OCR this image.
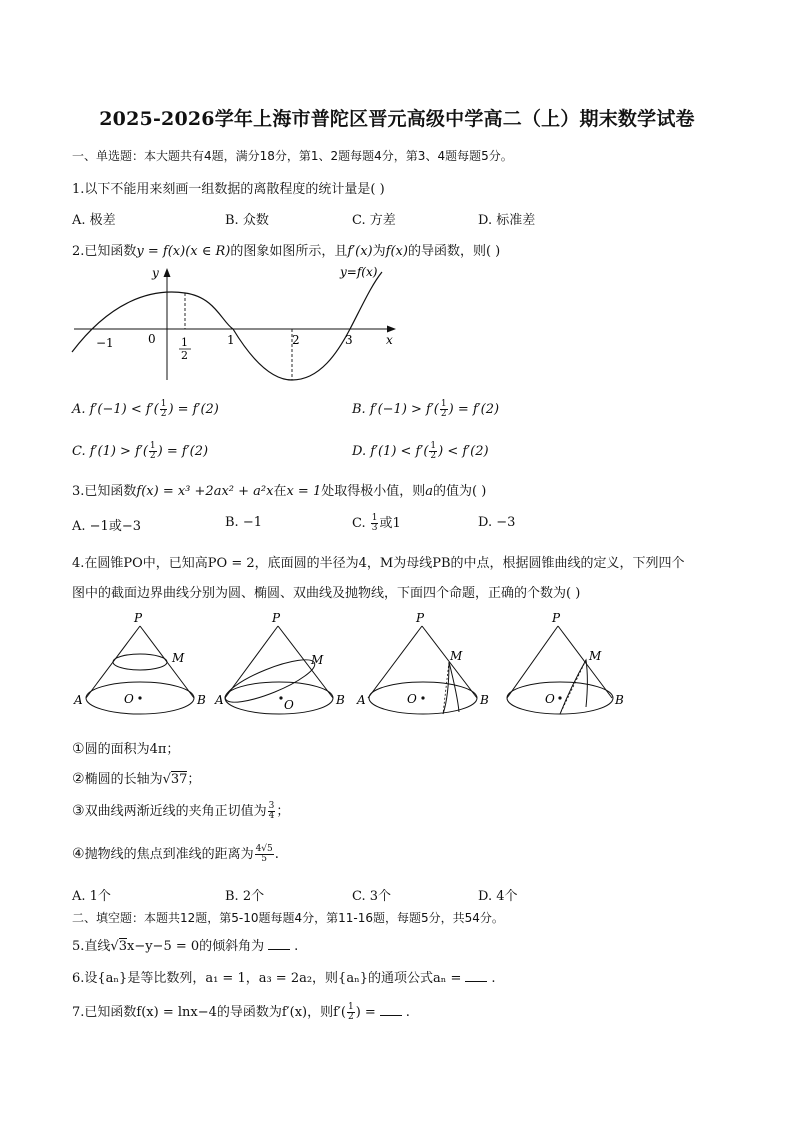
2025-2026学年上海市普陀区晋元高级中学高二（上）期末数学试卷
一、单选题：本大题共有4题，满分18分，第1、2题每题4分，第3、4题每题5分。
1.以下不能用来刻画一组数据的离散程度的统计量是( )
A. 极差	B. 众数	C. 方差	D. 标准差
2.已知函数y = f(x)(x ∈ R)的图象如图所示，且f′(x)为f(x)的导函数，则( )
y
x
0
−1	1
2
1	2	3
y=f(x)
A. $f'(-1) < f'( \frac{1}{2}$ ) = f′(2)	B. $f'(-1) > f'( \frac{1}{2}$ ) = f′(2)
C. $f'(1) > f'( \frac{1}{2}$ ) = f′(2)	D. $f'(1) < f'( \frac{1}{2}$ ) < f′(2)
3.已知函数f(x) = x³ +2ax² + a²x在x = 1处取得极小值，则a的值为( )
A. −1或−3	B. −1	C. $\frac{1}{3}$ 或1	D. −3
4.在圆锥PO中，已知高PO = 2，底面圆的半径为4，M为母线PB的中点，根据圆锥曲线的定义，下列四个
图中的截面边界曲线分别为圆、椭圆、双曲线及抛物线，下面四个命题，正确的个数为( )
P
M
A	B
O
P
M
A	B
O
P
M
A	B
O
P
M
B
O
①圆的面积为4π；
②椭圆的长轴为√37；
③双曲线两渐近线的夹角正切值为 $\frac{3}{4}$ ；
④抛物线的焦点到准线的距离为 $\frac{4√5}{5}$ .
A. 1个	B. 2个	C. 3个	D. 4个
二、填空题：本题共12题，第5-10题每题4分，第11-16题，每题5分，共54分。
5.直线√3x−y−5 = 0的倾斜角为 .
6.设{aₙ}是等比数列，a₁ = 1，a₃ = 2a₂，则{aₙ}的通项公式aₙ = .
7.已知函数f(x) = lnx−4的导函数为f′(x)，则$f'( \frac{1}{2}$ ) = .
